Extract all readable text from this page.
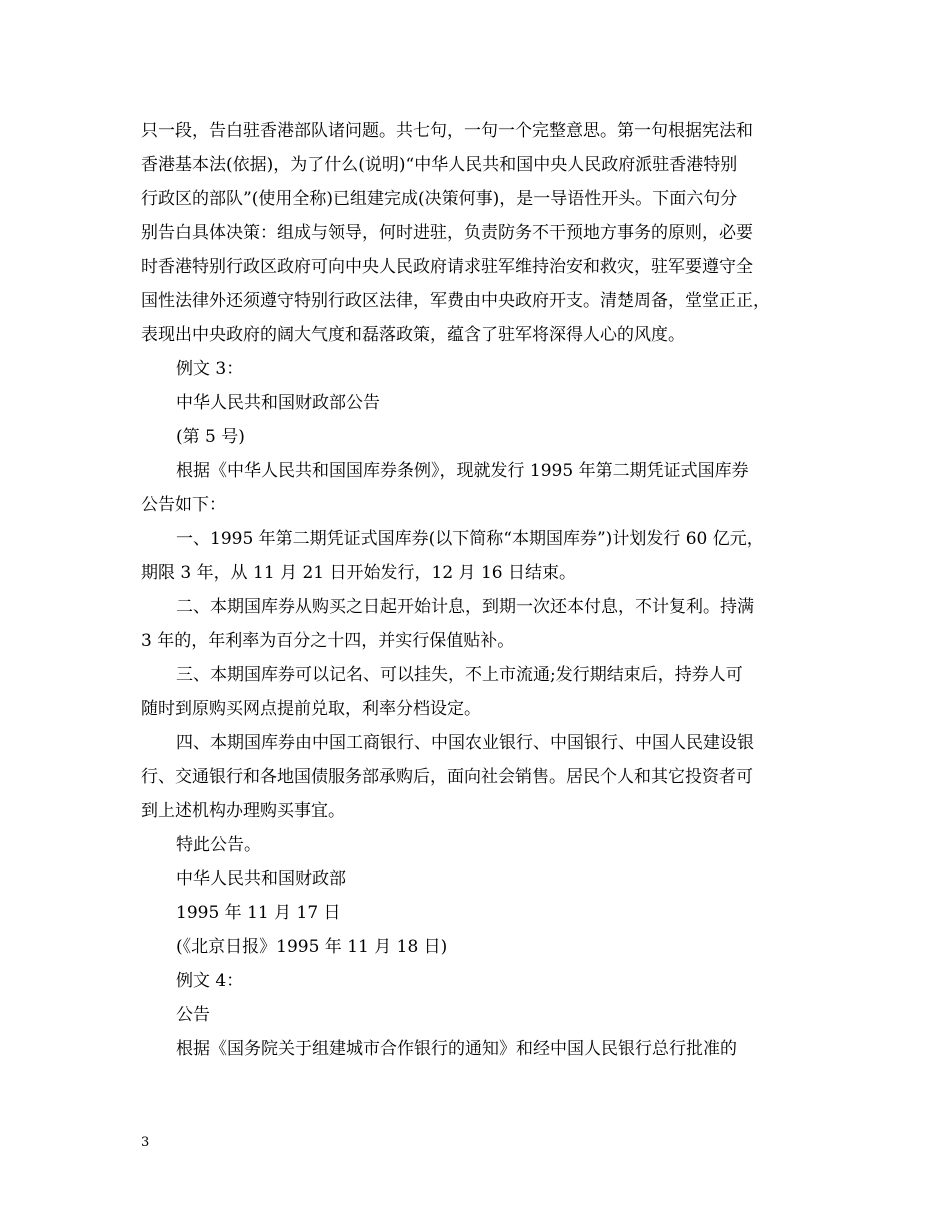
只一段，告白驻香港部队诸问题。共七句，一句一个完整意思。第一句根据宪法和
香港基本法(依据)，为了什么(说明)“中华人民共和国中央人民政府派驻香港特别
行政区的部队”(使用全称)已组建完成(决策何事)，是一导语性开头。下面六句分
别告白具体决策：组成与领导，何时进驻，负责防务不干预地方事务的原则，必要
时香港特别行政区政府可向中央人民政府请求驻军维持治安和救灾，驻军要遵守全
国性法律外还须遵守特别行政区法律，军费由中央政府开支。清楚周备，堂堂正正，
表现出中央政府的阔大气度和磊落政策，蕴含了驻军将深得人心的风度。
例文 3：
中华人民共和国财政部公告
(第 5 号)
根据《中华人民共和国国库券条例》，现就发行 1995 年第二期凭证式国库券
公告如下：
一、1995 年第二期凭证式国库券(以下简称“本期国库券”)计划发行 60 亿元，
期限 3 年，从 11 月 21 日开始发行，12 月 16 日结束。
二、本期国库券从购买之日起开始计息，到期一次还本付息，不计复利。持满
3 年的，年利率为百分之十四，并实行保值贴补。
三、本期国库券可以记名、可以挂失，不上市流通;发行期结束后，持券人可
随时到原购买网点提前兑取，利率分档设定。
四、本期国库券由中国工商银行、中国农业银行、中国银行、中国人民建设银
行、交通银行和各地国债服务部承购后，面向社会销售。居民个人和其它投资者可
到上述机构办理购买事宜。
特此公告。
中华人民共和国财政部
1995 年 11 月 17 日
(《北京日报》1995 年 11 月 18 日)
例文 4：
公告
根据《国务院关于组建城市合作银行的通知》和经中国人民银行总行批准的
3
